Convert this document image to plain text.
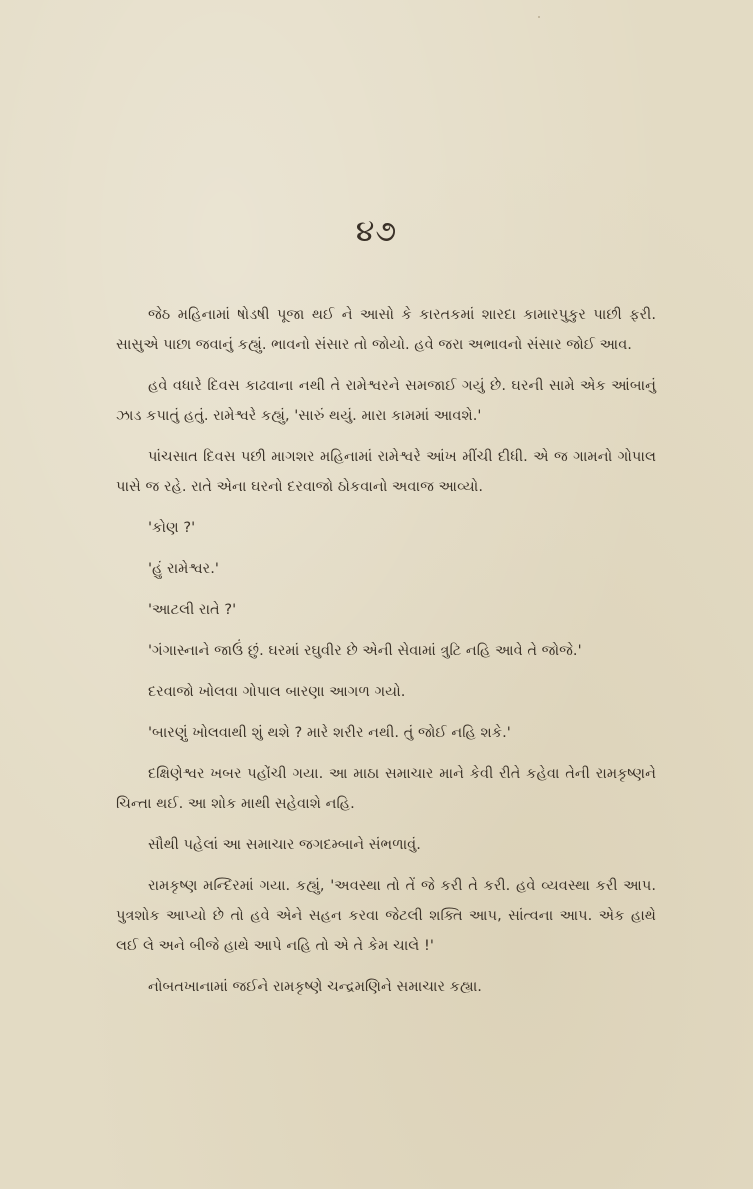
૪૭

જેઠ મહિનામાં ષોડષી પૂજા થઈ ને આસો કે કારતકમાં શારદા કામારપુકુર પાછી ફરી. સાસુએ પાછા જવાનું કહ્યું. ભાવનો સંસાર તો જોયો. હવે જરા અભાવનો સંસાર જોઈ આવ.

હવે વધારે દિવસ કાઢવાના નથી તે રામેશ્વરને સમજાઈ ગયું છે. ઘરની સામે એક આંબાનું ઝાડ કપાતું હતું. રામેશ્વરે કહ્યું, 'સારું થયું. મારા કામમાં આવશે.'

પાંચસાત દિવસ પછી માગશર મહિનામાં રામેશ્વરે આંખ મીંચી દીધી. એ જ ગામનો ગોપાલ પાસે જ રહે. રાતે એના ઘરનો દરવાજો ઠોકવાનો અવાજ આવ્યો.

'કોણ ?'

'હું રામેશ્વર.'

'આટલી રાતે ?'

'ગંગાસ્નાને જાઉં છું. ઘરમાં રઘુવીર છે એની સેવામાં ત્રુટિ નહિ આવે તે જોજે.'

દરવાજો ખોલવા ગોપાલ બારણા આગળ ગયો.

'બારણું ખોલવાથી શું થશે ? મારે શરીર નથી. તું જોઈ નહિ શકે.'

દક્ષિણેશ્વર ખબર પહોંચી ગયા. આ માઠા સમાચાર માને કેવી રીતે કહેવા તેની રામકૃષ્ણને ચિન્તા થઈ. આ શોક માથી સહેવાશે નહિ.

સૌથી પહેલાં આ સમાચાર જગદમ્બાને સંભળાવું.

રામકૃષ્ણ મન્દિરમાં ગયા. કહ્યું, 'અવસ્થા તો તેં જે કરી તે કરી. હવે વ્યવસ્થા કરી આપ. પુત્રશોક આપ્યો છે તો હવે એને સહન કરવા જેટલી શક્તિ આપ, સાંત્વના આપ. એક હાથે લઈ લે અને બીજે હાથે આપે નહિ તો એ તે કેમ ચાલે !'

નોબતખાનામાં જઈને રામકૃષ્ણે ચન્દ્રમણિને સમાચાર કહ્યા.
